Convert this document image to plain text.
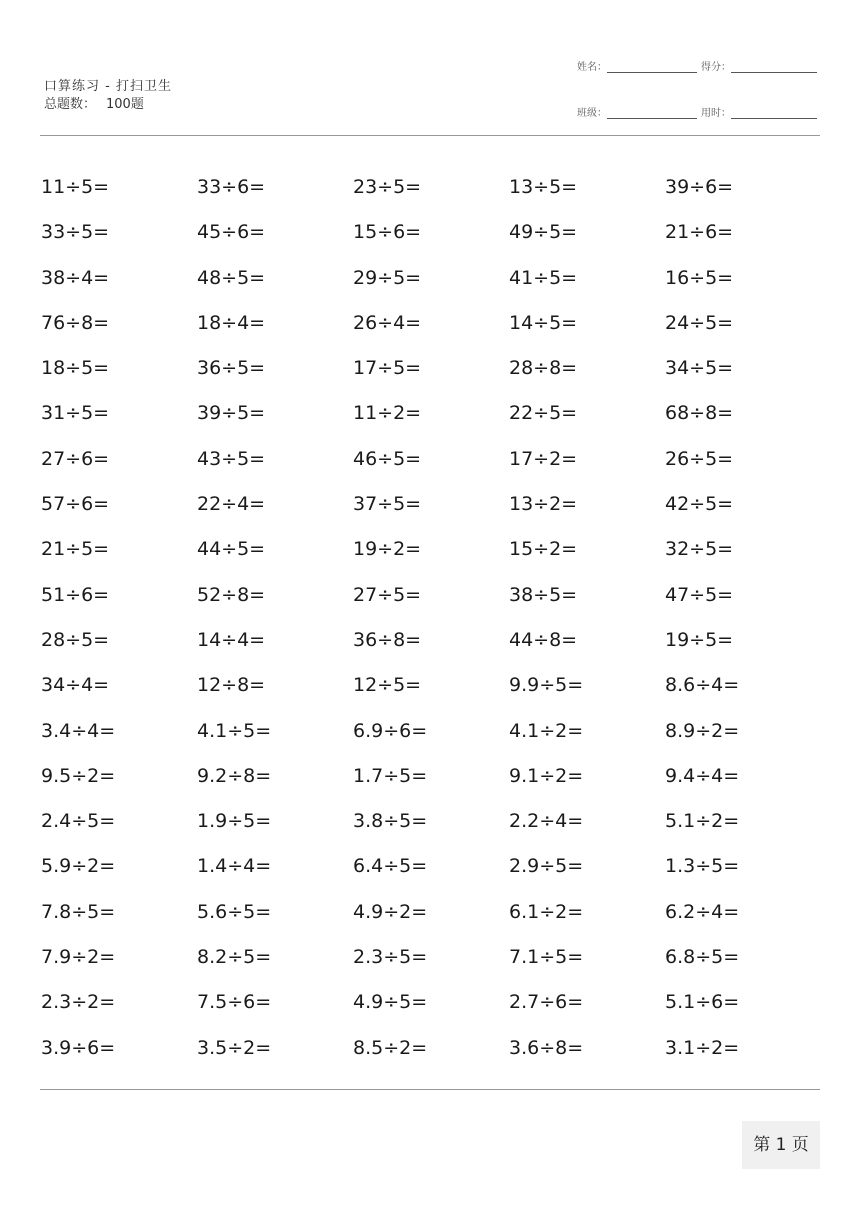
口算练习 - 打扫卫生
总题数： 100题
姓名：	得分：
班级：	用时：
11÷5=	33÷6=	23÷5=	13÷5=	39÷6=
33÷5=	45÷6=	15÷6=	49÷5=	21÷6=
38÷4=	48÷5=	29÷5=	41÷5=	16÷5=
76÷8=	18÷4=	26÷4=	14÷5=	24÷5=
18÷5=	36÷5=	17÷5=	28÷8=	34÷5=
31÷5=	39÷5=	11÷2=	22÷5=	68÷8=
27÷6=	43÷5=	46÷5=	17÷2=	26÷5=
57÷6=	22÷4=	37÷5=	13÷2=	42÷5=
21÷5=	44÷5=	19÷2=	15÷2=	32÷5=
51÷6=	52÷8=	27÷5=	38÷5=	47÷5=
28÷5=	14÷4=	36÷8=	44÷8=	19÷5=
34÷4=	12÷8=	12÷5=	9.9÷5=	8.6÷4=
3.4÷4=	4.1÷5=	6.9÷6=	4.1÷2=	8.9÷2=
9.5÷2=	9.2÷8=	1.7÷5=	9.1÷2=	9.4÷4=
2.4÷5=	1.9÷5=	3.8÷5=	2.2÷4=	5.1÷2=
5.9÷2=	1.4÷4=	6.4÷5=	2.9÷5=	1.3÷5=
7.8÷5=	5.6÷5=	4.9÷2=	6.1÷2=	6.2÷4=
7.9÷2=	8.2÷5=	2.3÷5=	7.1÷5=	6.8÷5=
2.3÷2=	7.5÷6=	4.9÷5=	2.7÷6=	5.1÷6=
3.9÷6=	3.5÷2=	8.5÷2=	3.6÷8=	3.1÷2=
第 1 页
